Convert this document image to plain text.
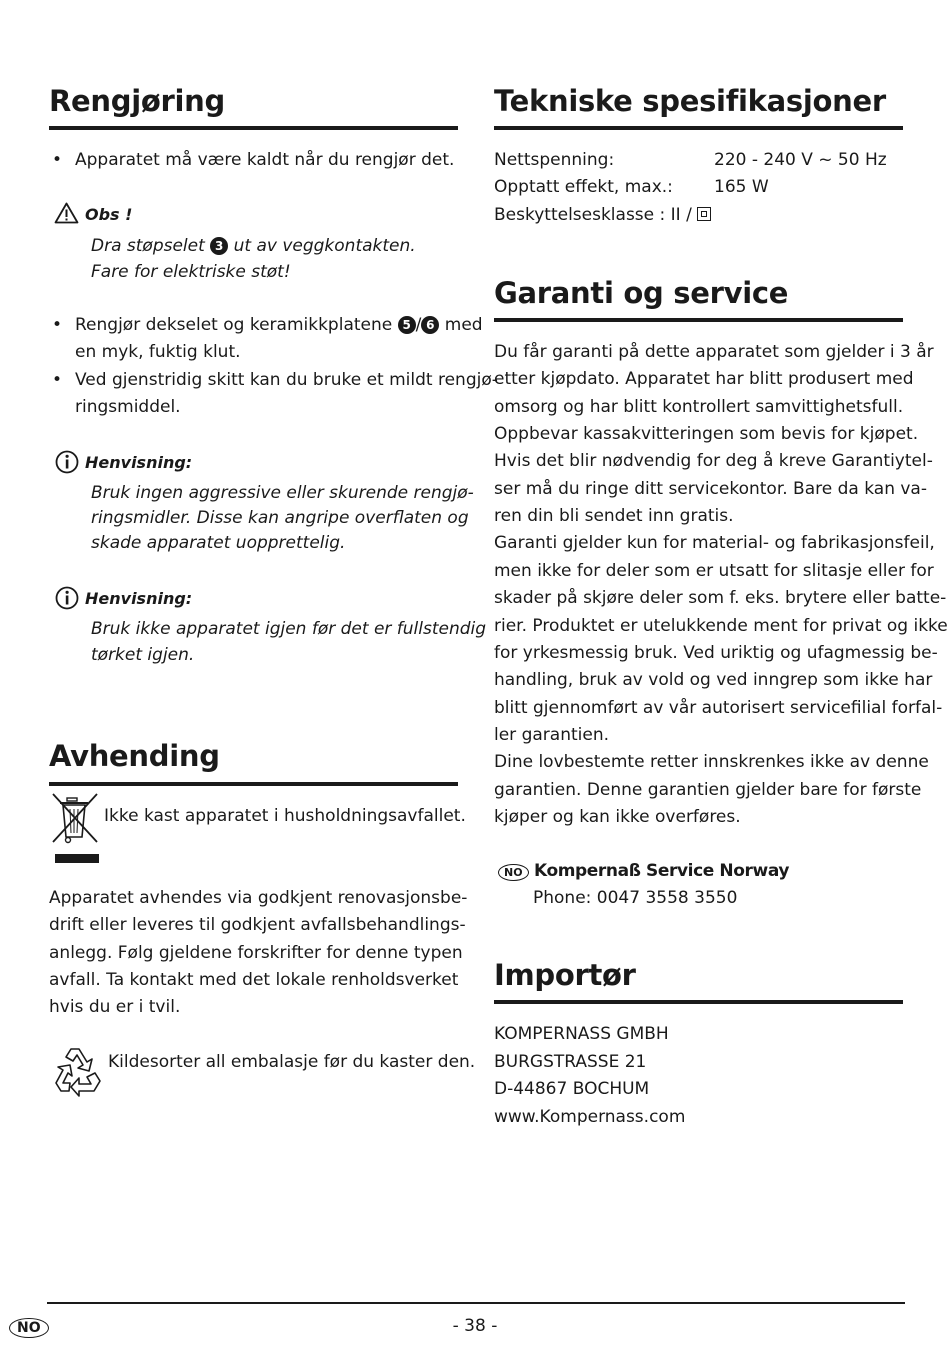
Rengjøring
• Apparatet må være kaldt når du rengjør det.
Obs !
Dra støpselet 3 ut av veggkontakten.
Fare for elektriske støt!
• Rengjør dekselet og keramikkplatene 5 / 6 med
en myk, fuktig klut.
• Ved gjenstridig skitt kan du bruke et mildt rengjø-
ringsmiddel.
Henvisning:
Bruk ingen aggressive eller skurende rengjø-
ringsmidler. Disse kan angripe overflaten og
skade apparatet uopprettelig.
Henvisning:
Bruk ikke apparatet igjen før det er fullstendig
tørket igjen.
Avhending
Ikke kast apparatet i husholdningsavfallet.
Apparatet avhendes via godkjent renovasjonsbe-
drift eller leveres til godkjent avfallsbehandlings-
anlegg. Følg gjeldene forskrifter for denne typen
avfall. Ta kontakt med det lokale renholdsverket
hvis du er i tvil.
Kildesorter all embalasje før du kaster den.
Tekniske spesifikasjoner
Nettspenning:	220 - 240 V ~ 50 Hz
Opptatt effekt, max.: 165 W
Beskyttelsesklasse : II /
Garanti og service
Du får garanti på dette apparatet som gjelder i 3 år
etter kjøpdato. Apparatet har blitt produsert med
omsorg og har blitt kontrollert samvittighetsfull.
Oppbevar kassakvitteringen som bevis for kjøpet.
Hvis det blir nødvendig for deg å kreve Garantiytel-
ser må du ringe ditt servicekontor. Bare da kan va-
ren din bli sendet inn gratis.
Garanti gjelder kun for material- og fabrikasjonsfeil,
men ikke for deler som er utsatt for slitasje eller for
skader på skjøre deler som f. eks. brytere eller batte-
rier. Produktet er utelukkende ment for privat og ikke
for yrkesmessig bruk. Ved uriktig og ufagmessig be-
handling, bruk av vold og ved inngrep som ikke har
blitt gjennomført av vår autorisert servicefilial forfal-
ler garantien.
Dine lovbestemte retter innskrenkes ikke av denne
garantien. Denne garantien gjelder bare for første
kjøper og kan ikke overføres.
NO Kompernaß Service Norway
Phone: 0047 3558 3550
Importør
KOMPERNASS GMBH
BURGSTRASSE 21
D-44867 BOCHUM
www.Kompernass.com
NO	- 38 -
